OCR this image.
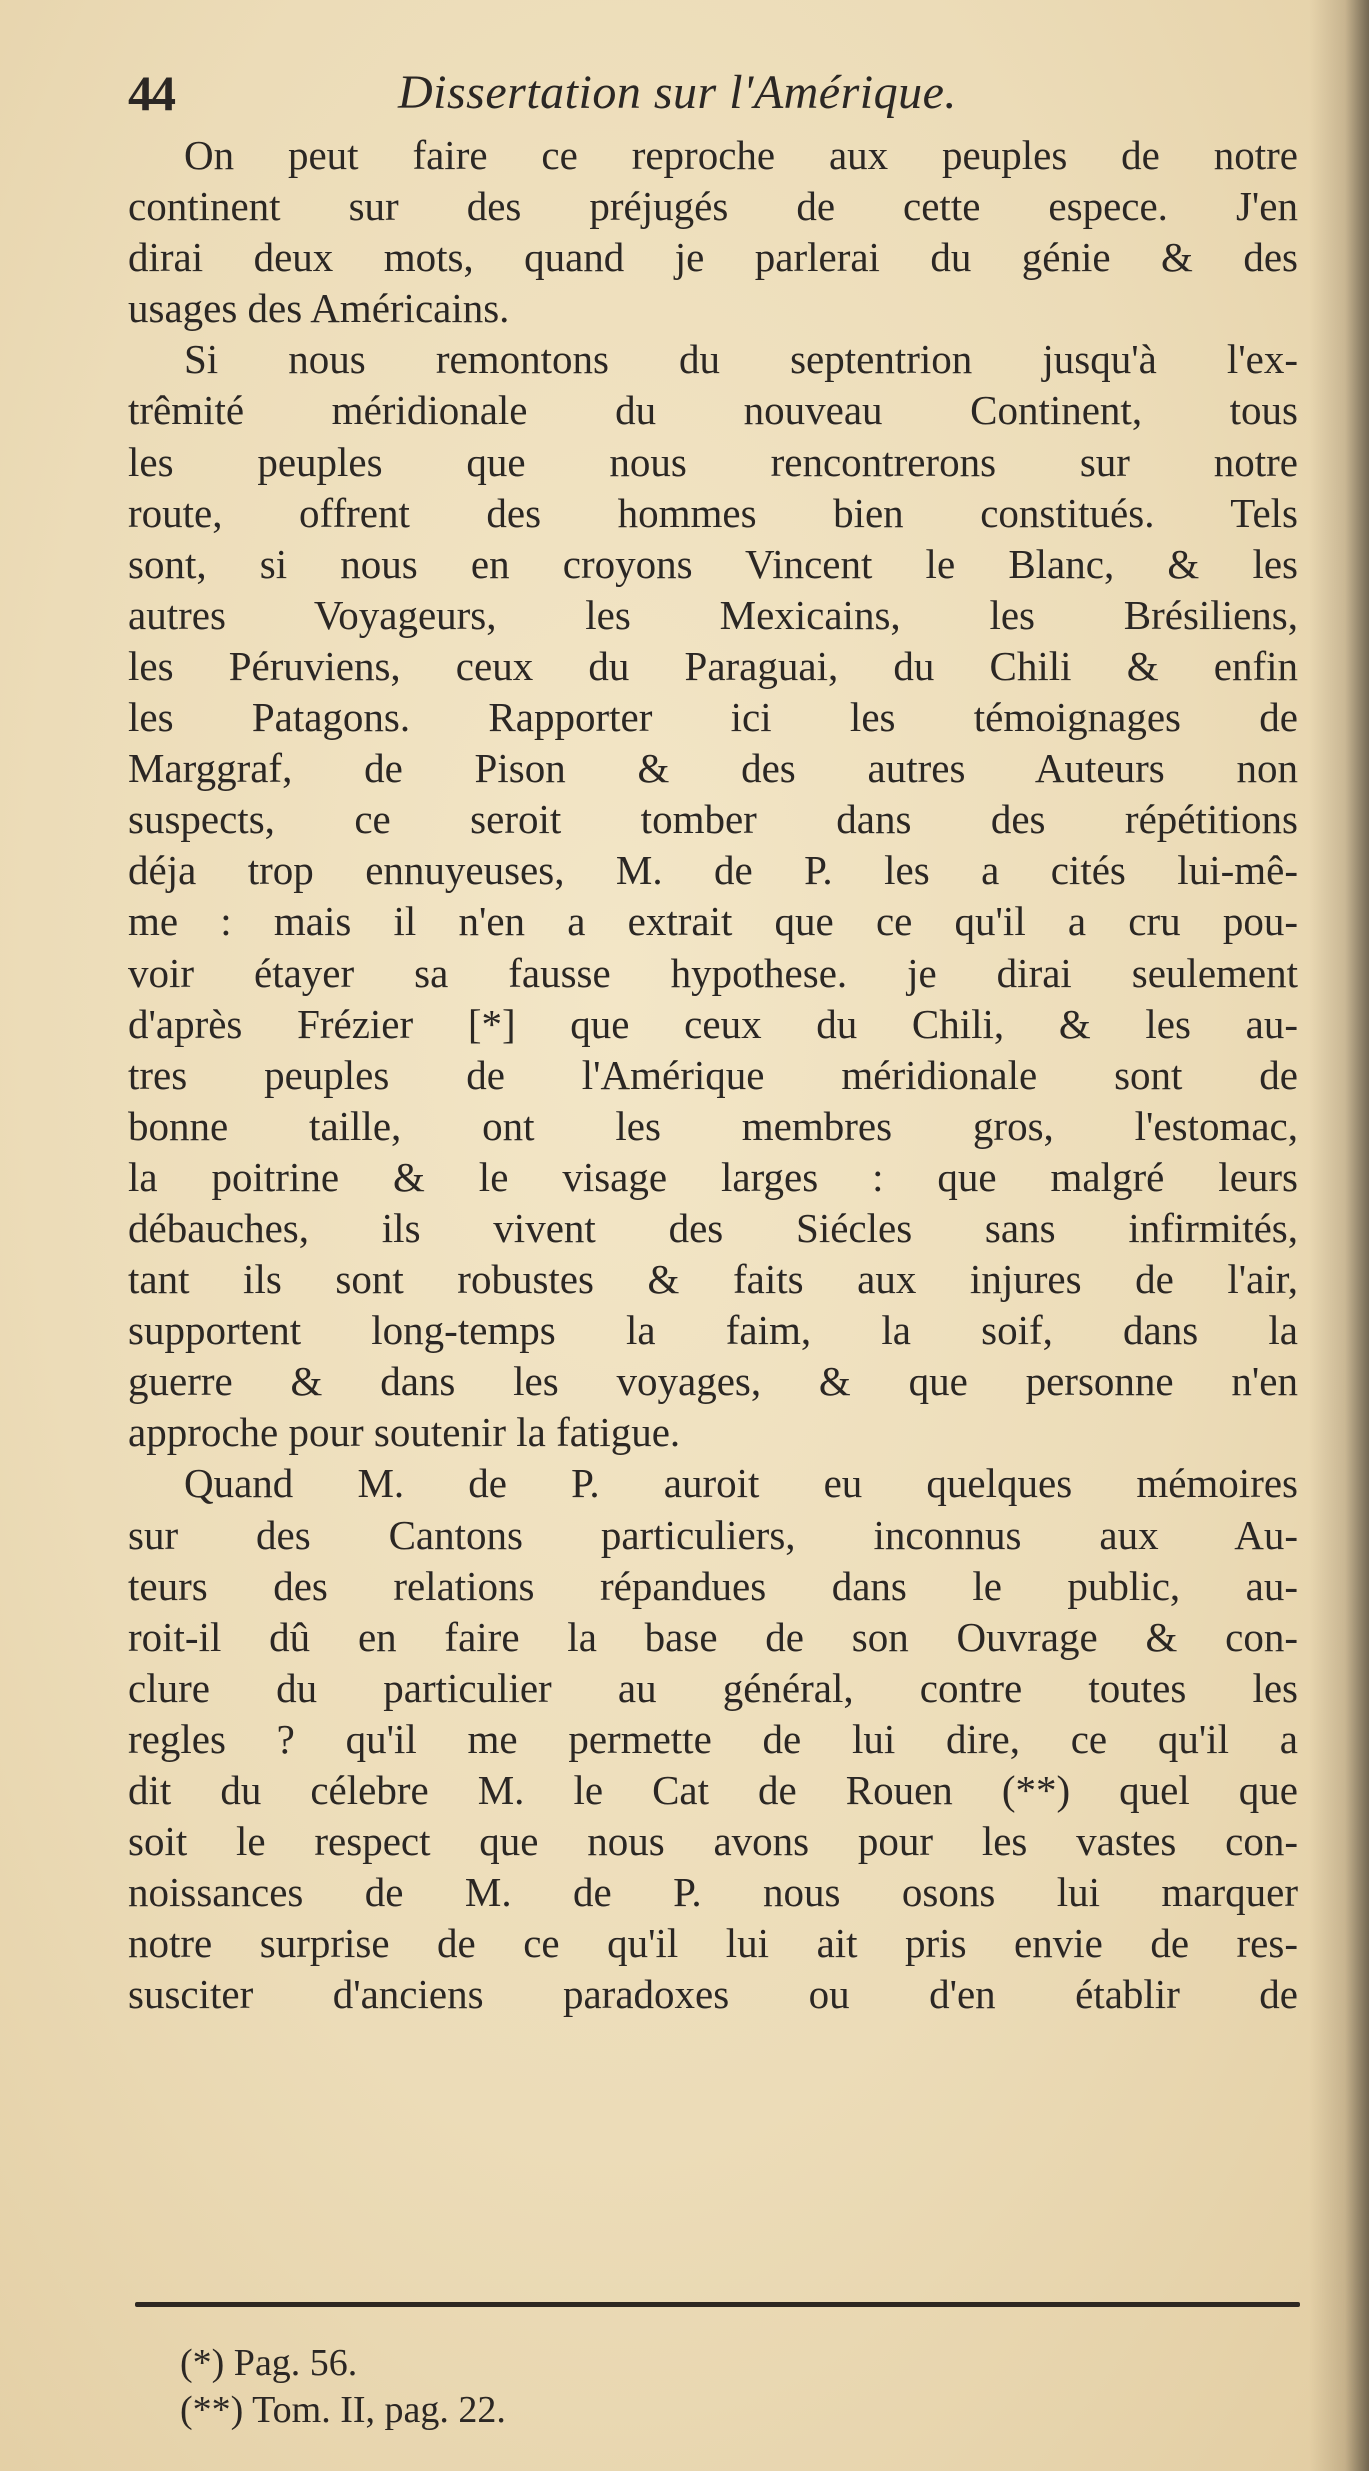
44	Dissertation sur l'Amérique.
On peut faire ce reproche aux peuples de notre
continent sur des préjugés de cette espece. J'en
dirai deux mots, quand je parlerai du génie & des
usages des Américains.
Si nous remontons du septentrion jusqu'à l'ex-
trêmité méridionale du nouveau Continent, tous
les peuples que nous rencontrerons sur notre
route, offrent des hommes bien constitués. Tels
sont, si nous en croyons Vincent le Blanc, & les
autres Voyageurs, les Mexicains, les Brésiliens,
les Péruviens, ceux du Paraguai, du Chili & enfin
les Patagons. Rapporter ici les témoignages de
Marggraf, de Pison & des autres Auteurs non
suspects, ce seroit tomber dans des répétitions
déja trop ennuyeuses, M. de P. les a cités lui-mê-
me : mais il n'en a extrait que ce qu'il a cru pou-
voir étayer sa fausse hypothese. je dirai seulement
d'après Frézier [*] que ceux du Chili, & les au-
tres peuples de l'Amérique méridionale sont de
bonne taille, ont les membres gros, l'estomac,
la poitrine & le visage larges : que malgré leurs
débauches, ils vivent des Siécles sans infirmités,
tant ils sont robustes & faits aux injures de l'air,
supportent long-temps la faim, la soif, dans la
guerre & dans les voyages, & que personne n'en
approche pour soutenir la fatigue.
Quand M. de P. auroit eu quelques mémoires
sur des Cantons particuliers, inconnus aux Au-
teurs des relations répandues dans le public, au-
roit-il dû en faire la base de son Ouvrage & con-
clure du particulier au général, contre toutes les
regles ? qu'il me permette de lui dire, ce qu'il a
dit du célebre M. le Cat de Rouen (**) quel que
soit le respect que nous avons pour les vastes con-
noissances de M. de P. nous osons lui marquer
notre surprise de ce qu'il lui ait pris envie de res-
susciter d'anciens paradoxes ou d'en établir de
(*) Pag. 56.
(**) Tom. II, pag. 22.
